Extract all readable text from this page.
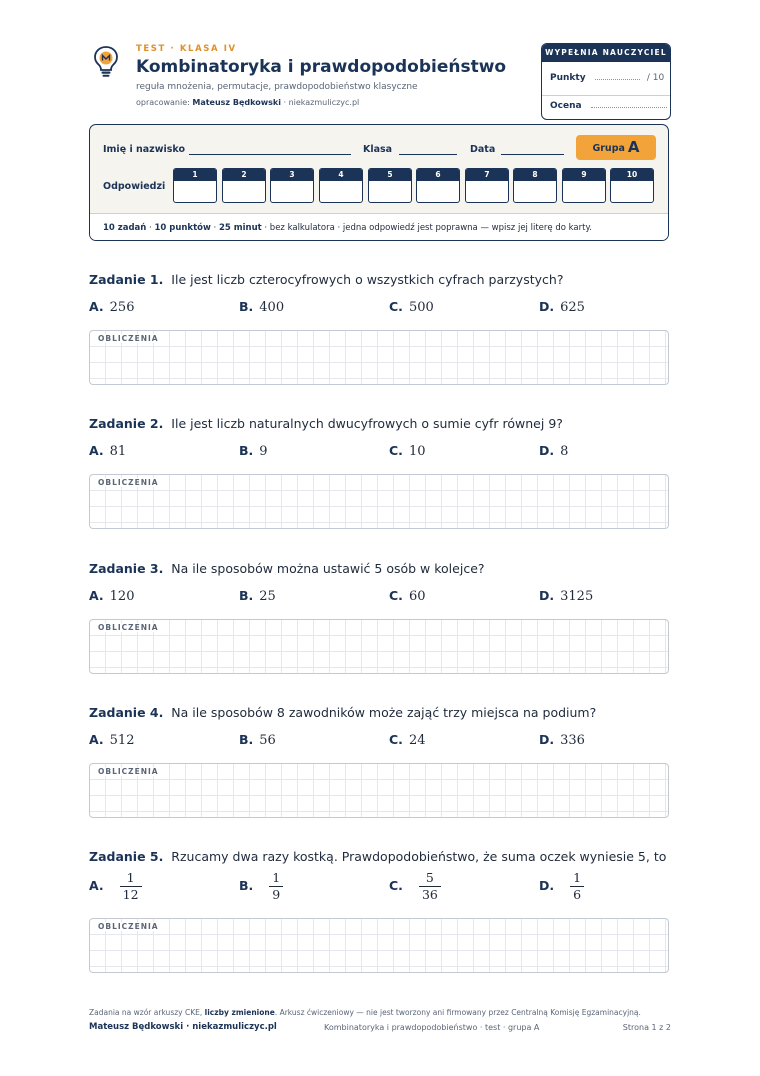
TEST · KLASA IV
Kombinatoryka i prawdopodobieństwo
reguła mnożenia, permutacje, prawdopodobieństwo klasyczne
opracowanie: Mateusz Będkowski · niekazmuliczyc.pl
WYPEŁNIA NAUCZYCIEL
Punkty	/ 10
Ocena
Imię i nazwisko	Klasa	Data	Grupa A
Odpowiedzi
1	2	3	4	5	6	7	8	9	10
10 zadań · 10 punktów · 25 minut · bez kalkulatora · jedna odpowiedź jest poprawna — wpisz jej literę do karty.
Zadanie 1. Ile jest liczb czterocyfrowych o wszystkich cyfrach parzystych?
A. 256	B. 400	C. 500	D. 625
OBLICZENIA
Zadanie 2. Ile jest liczb naturalnych dwucyfrowych o sumie cyfr równej 9?
A. 81	B. 9	C. 10	D. 8
OBLICZENIA
Zadanie 3. Na ile sposobów można ustawić 5 osób w kolejce?
A. 120	B. 25	C. 60	D. 3125
OBLICZENIA
Zadanie 4. Na ile sposobów 8 zawodników może zająć trzy miejsca na podium?
A. 512	B. 56	C. 24	D. 336
OBLICZENIA
Zadanie 5. Rzucamy dwa razy kostką. Prawdopodobieństwo, że suma oczek wyniesie 5, to
A. $\frac{1}{12}$	B. $\frac{1}{9}$	C. $\frac{5}{36}$	D. $\frac{1}{6}$
OBLICZENIA
Zadania na wzór arkuszy CKE, liczby zmienione. Arkusz ćwiczeniowy — nie jest tworzony ani firmowany przez Centralną Komisję Egzaminacyjną.
Mateusz Będkowski · niekazmuliczyc.pl	Kombinatoryka i prawdopodobieństwo · test · grupa A	Strona 1 z 2
